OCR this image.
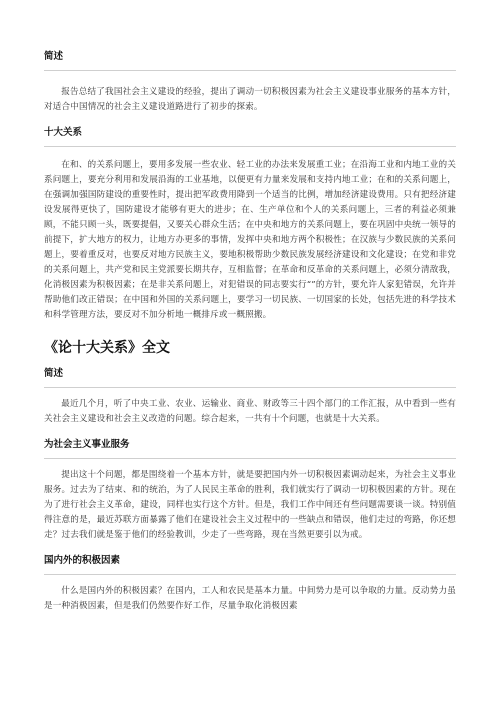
简述

报告总结了我国社会主义建设的经验，提出了调动一切积极因素为社会主义建设事业服务的基本方针，对适合中国情况的社会主义建设道路进行了初步的探索。

十大关系

在和、的关系问题上，要用多发展一些农业、轻工业的办法来发展重工业；在沿海工业和内地工业的关系问题上，要充分利用和发展沿海的工业基地，以便更有力量来发展和支持内地工业；在和的关系问题上，在强调加强国防建设的重要性时，提出把军政费用降到一个适当的比例，增加经济建设费用。只有把经济建设发展得更快了，国防建设才能够有更大的进步；在、生产单位和个人的关系问题上，三者的利益必须兼顾，不能只顾一头，既要提倡，又要关心群众生活；在中央和地方的关系问题上，要在巩固中央统一领导的前提下，扩大地方的权力，让地方办更多的事情，发挥中央和地方两个积极性；在汉族与少数民族的关系问题上，要着重反对，也要反对地方民族主义，要地积极帮助少数民族发展经济建设和文化建设；在党和非党的关系问题上，共产党和民主党派要长期共存，互相监督；在革命和反革命的关系问题上，必须分清敌我，化消极因素为积极因素；在是非关系问题上，对犯错误的同志要实行“”的方针，要允许人家犯错误，允许并帮助他们改正错误；在中国和外国的关系问题上，要学习一切民族、一切国家的长处，包括先进的科学技术和科学管理方法，要反对不加分析地一概排斥或一概照搬。

《论十大关系》全文
简述

最近几个月，听了中央工业、农业、运输业、商业、财政等三十四个部门的工作汇报，从中看到一些有关社会主义建设和社会主义改造的问题。综合起来，一共有十个问题，也就是十大关系。

为社会主义事业服务

提出这十个问题，都是围绕着一个基本方针，就是要把国内外一切积极因素调动起来，为社会主义事业服务。过去为了结束、和的统治，为了人民民主革命的胜利，我们就实行了调动一切积极因素的方针。现在为了进行社会主义革命，建设，同样也实行这个方针。但是，我们工作中间还有些问题需要谈一谈。特别值得注意的是，最近苏联方面暴露了他们在建设社会主义过程中的一些缺点和错误，他们走过的弯路，你还想走？过去我们就是鉴于他们的经验教训，少走了一些弯路，现在当然更要引以为戒。

国内外的积极因素

什么是国内外的积极因素？在国内，工人和农民是基本力量。中间势力是可以争取的力量。反动势力虽是一种消极因素，但是我们仍然要作好工作，尽量争取化消极因素
